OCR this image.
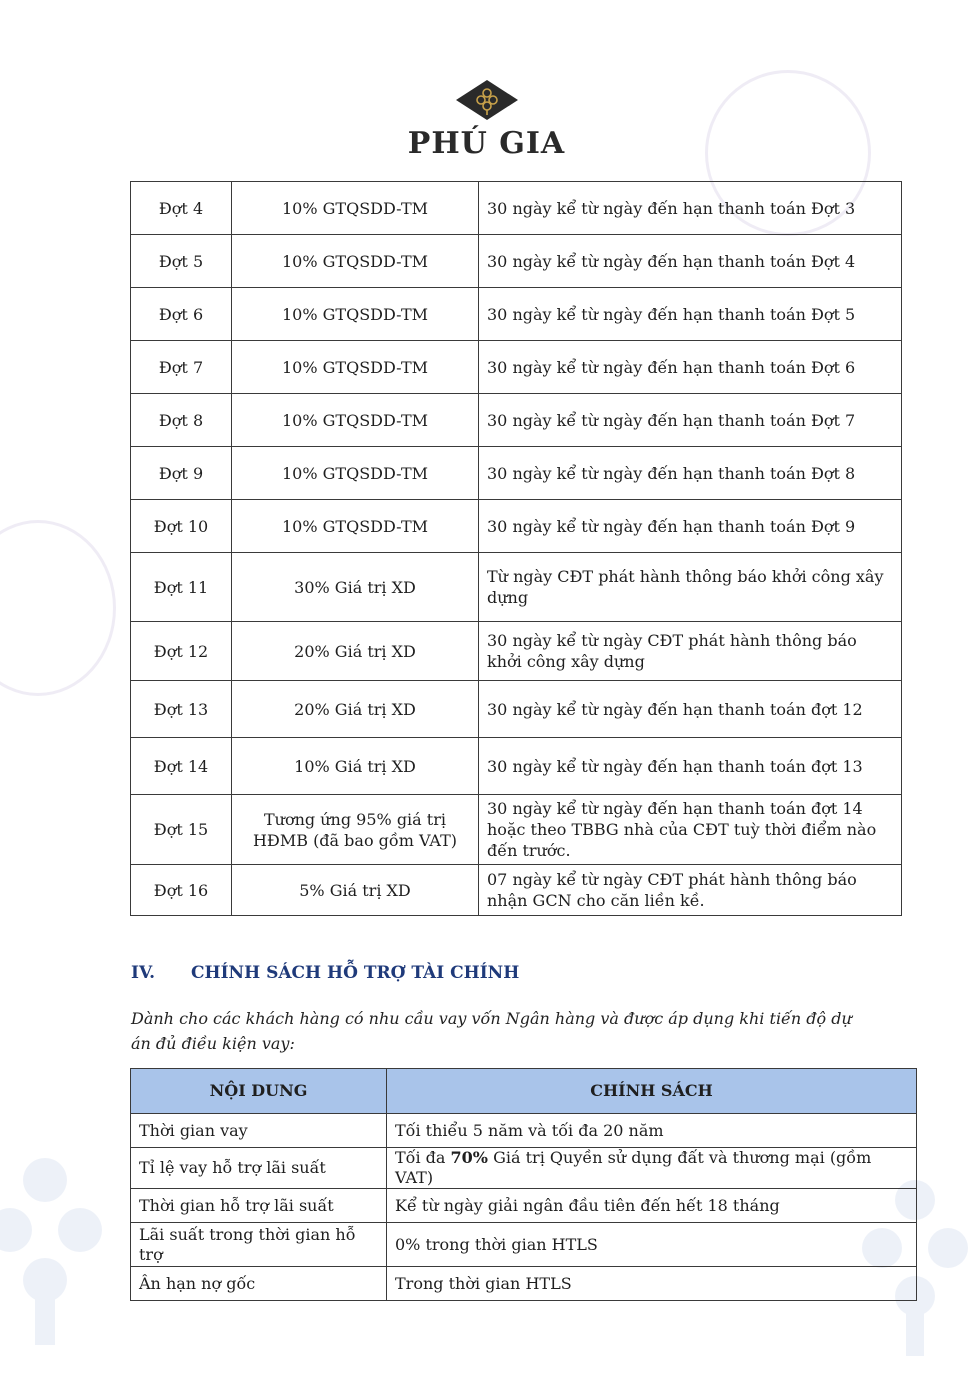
PHÚ GIA
Đợt 4	10% GTQSDD-TM	30 ngày kể từ ngày đến hạn thanh toán Đợt 3
Đợt 5	10% GTQSDD-TM	30 ngày kể từ ngày đến hạn thanh toán Đợt 4
Đợt 6	10% GTQSDD-TM	30 ngày kể từ ngày đến hạn thanh toán Đợt 5
Đợt 7	10% GTQSDD-TM	30 ngày kể từ ngày đến hạn thanh toán Đợt 6
Đợt 8	10% GTQSDD-TM	30 ngày kể từ ngày đến hạn thanh toán Đợt 7
Đợt 9	10% GTQSDD-TM	30 ngày kể từ ngày đến hạn thanh toán Đợt 8
Đợt 10	10% GTQSDD-TM	30 ngày kể từ ngày đến hạn thanh toán Đợt 9
Đợt 11	30% Giá trị XD	Từ ngày CĐT phát hành thông báo khởi công xây dựng
Đợt 12	20% Giá trị XD	30 ngày kể từ ngày CĐT phát hành thông báo khởi công xây dựng
Đợt 13	20% Giá trị XD	30 ngày kể từ ngày đến hạn thanh toán đợt 12
Đợt 14	10% Giá trị XD	30 ngày kể từ ngày đến hạn thanh toán đợt 13
Đợt 15	Tương ứng 95% giá trị HĐMB (đã bao gồm VAT)	30 ngày kể từ ngày đến hạn thanh toán đợt 14 hoặc theo TBBG nhà của CĐT tuỳ thời điểm nào đến trước.
Đợt 16	5% Giá trị XD	07 ngày kể từ ngày CĐT phát hành thông báo nhận GCN cho căn liền kề.
IV. CHÍNH SÁCH HỖ TRỢ TÀI CHÍNH
Dành cho các khách hàng có nhu cầu vay vốn Ngân hàng và được áp dụng khi tiến độ dự án đủ điều kiện vay:
NỘI DUNG	CHÍNH SÁCH
Thời gian vay	Tối thiểu 5 năm và tối đa 20 năm
Tỉ lệ vay hỗ trợ lãi suất	Tối đa 70% Giá trị Quyền sử dụng đất và thương mại (gồm VAT)
Thời gian hỗ trợ lãi suất	Kể từ ngày giải ngân đầu tiên đến hết 18 tháng
Lãi suất trong thời gian hỗ trợ	0% trong thời gian HTLS
Ân hạn nợ gốc	Trong thời gian HTLS
